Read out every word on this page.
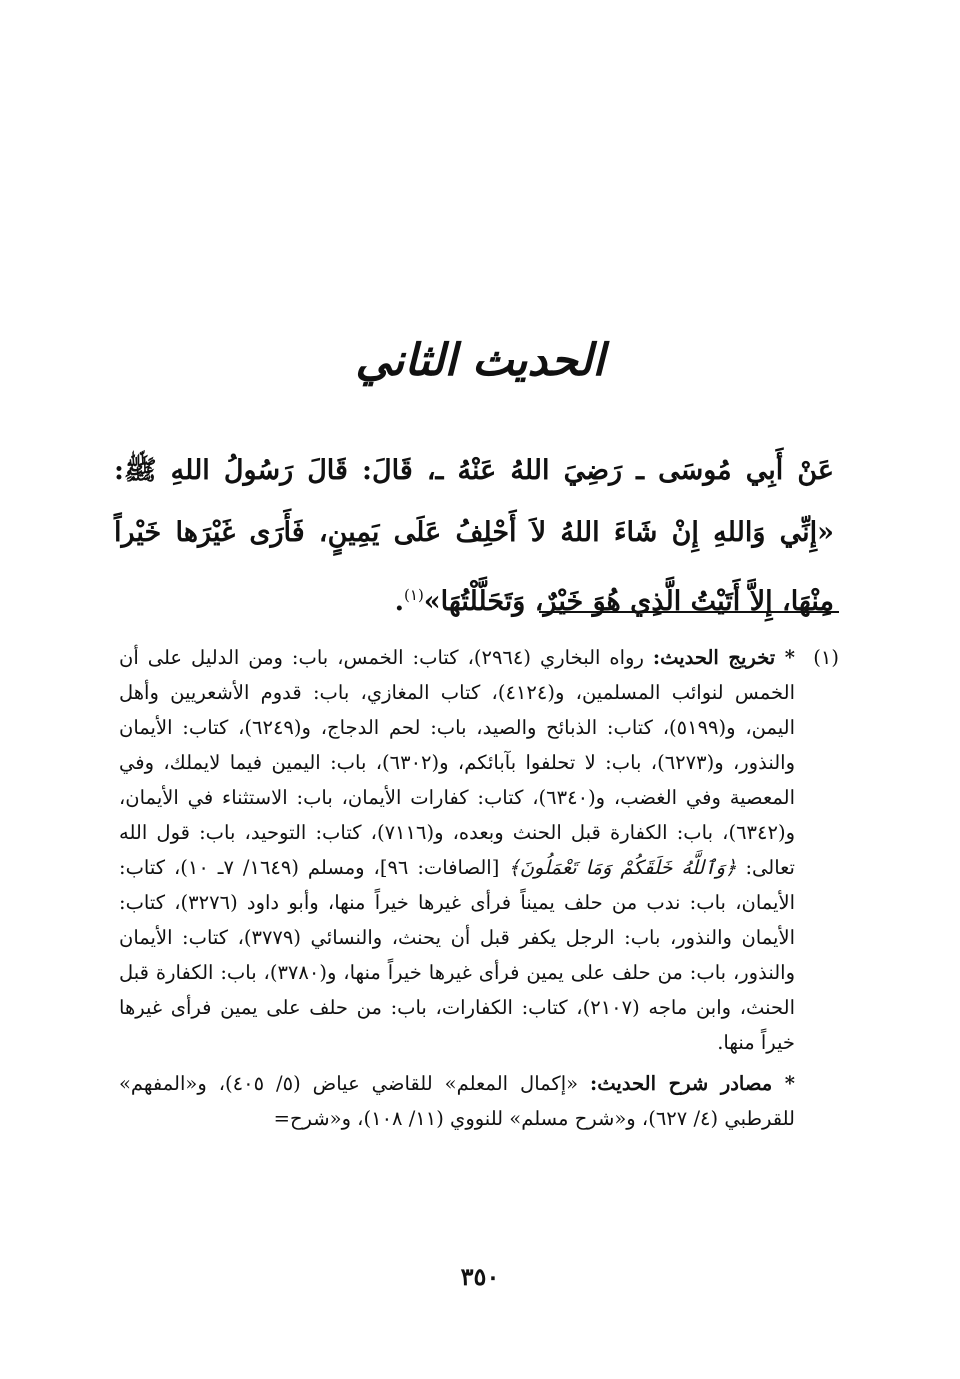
الحديث الثاني
عَنْ أَبِي مُوسَى ـ رَضِيَ اللهُ عَنْهُ ـ، قَالَ: قَالَ رَسُولُ اللهِ ﷺ: «إِنِّي وَاللهِ إِنْ شَاءَ اللهُ لاَ أَحْلِفُ عَلَى يَمِينٍ، فَأَرَى غَيْرَها خَيْراً مِنْهَا، إِلاَّ أَتَيْتُ الَّذِي هُوَ خَيْرٌ، وَتَحَلَّلْتُهَا»$^{(١)}$.
(١)
* تخريج الحديث: رواه البخاري (٢٩٦٤)، كتاب: الخمس، باب: ومن الدليل على أن الخمس لنوائب المسلمين، و(٤١٢٤)، كتاب المغازي، باب: قدوم الأشعريين وأهل اليمن، و(٥١٩٩)، كتاب: الذبائح والصيد، باب: لحم الدجاج، و(٦٢٤٩)، كتاب: الأيمان والنذور، و(٦٢٧٣)، باب: لا تحلفوا بآبائكم، و(٦٣٠٢)، باب: اليمين فيما لايملك، وفي المعصية وفي الغضب، و(٦٣٤٠)، كتاب: كفارات الأيمان، باب: الاستثناء في الأيمان، و(٦٣٤٢)، باب: الكفارة قبل الحنث وبعده، و(٧١١٦)، كتاب: التوحيد، باب: قول الله تعالى: ﴿وَٱللَّهُ خَلَقَكُمْ وَمَا تَعْمَلُونَ﴾ [الصافات: ٩٦]، ومسلم (١٦٤٩/ ٧ـ ١٠)، كتاب: الأيمان، باب: ندب من حلف يميناً فرأى غيرها خيراً منها، وأبو داود (٣٢٧٦)، كتاب: الأيمان والنذور، باب: الرجل يكفر قبل أن يحنث، والنسائي (٣٧٧٩)، كتاب: الأيمان والنذور، باب: من حلف على يمين فرأى غيرها خيراً منها، و(٣٧٨٠)، باب: الكفارة قبل الحنث، وابن ماجه (٢١٠٧)، كتاب: الكفارات، باب: من حلف على يمين فرأى غيرها خيراً منها.
* مصادر شرح الحديث: «إكمال المعلم» للقاضي عياض (٥/ ٤٠٥)، و«المفهم» للقرطبي (٤/ ٦٢٧)، و«شرح مسلم» للنووي (١١/ ١٠٨)، و«شرح=
٣٥٠
